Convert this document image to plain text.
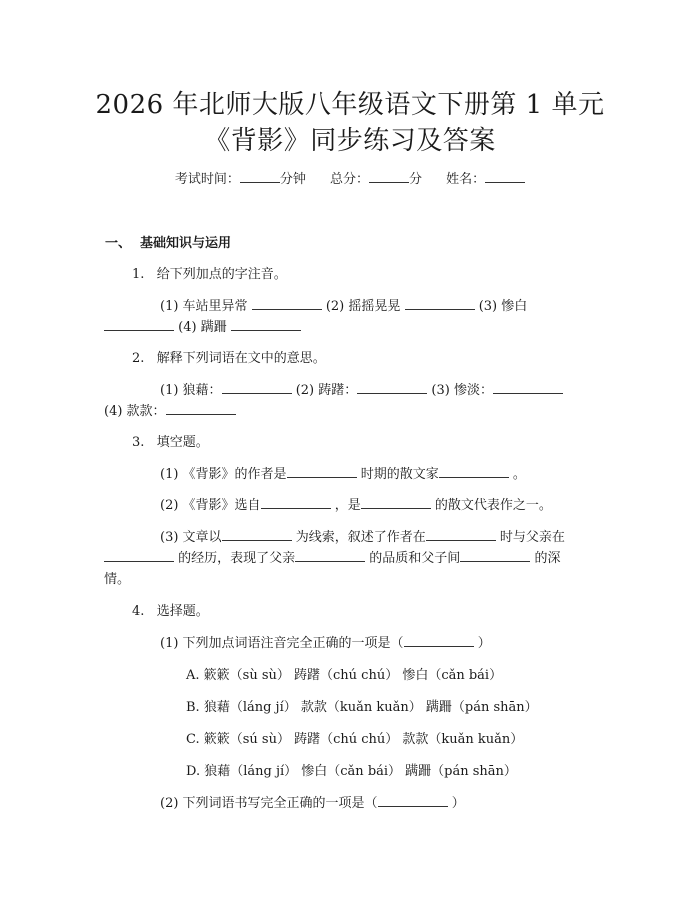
2026 年北师大版八年级语文下册第 1 单元
《背影》同步练习及答案
考试时间：	分钟 总分：	分 姓名：
一、  基础知识与运用
1.   给下列加点的字注音。
(1) 车站里异常	(2) 摇摇晃晃	(3) 惨白
(4) 蹒跚
2.   解释下列词语在文中的意思。
(1) 狼藉：	(2) 踌躇：	(3) 惨淡：
(4) 款款：
3.   填空题。
(1) 《背影》的作者是	时期的散文家	。
(2) 《背影》选自	，是	的散文代表作之一。
(3) 文章以	为线索，叙述了作者在	时与父亲在
的经历，表现了父亲	的品质和父子间	的深
情。
4.   选择题。
(1) 下列加点词语注音完全正确的一项是（	）
A. 簌簌（sù sù） 踌躇（chú chú） 惨白（cǎn bái）
B. 狼藉（láng jí） 款款（kuǎn kuǎn） 蹒跚（pán shān）
C. 簌簌（sú sù） 踌躇（chú chú） 款款（kuǎn kuǎn）
D. 狼藉（láng jí） 惨白（cǎn bái） 蹒跚（pán shān）
(2) 下列词语书写完全正确的一项是（	）
